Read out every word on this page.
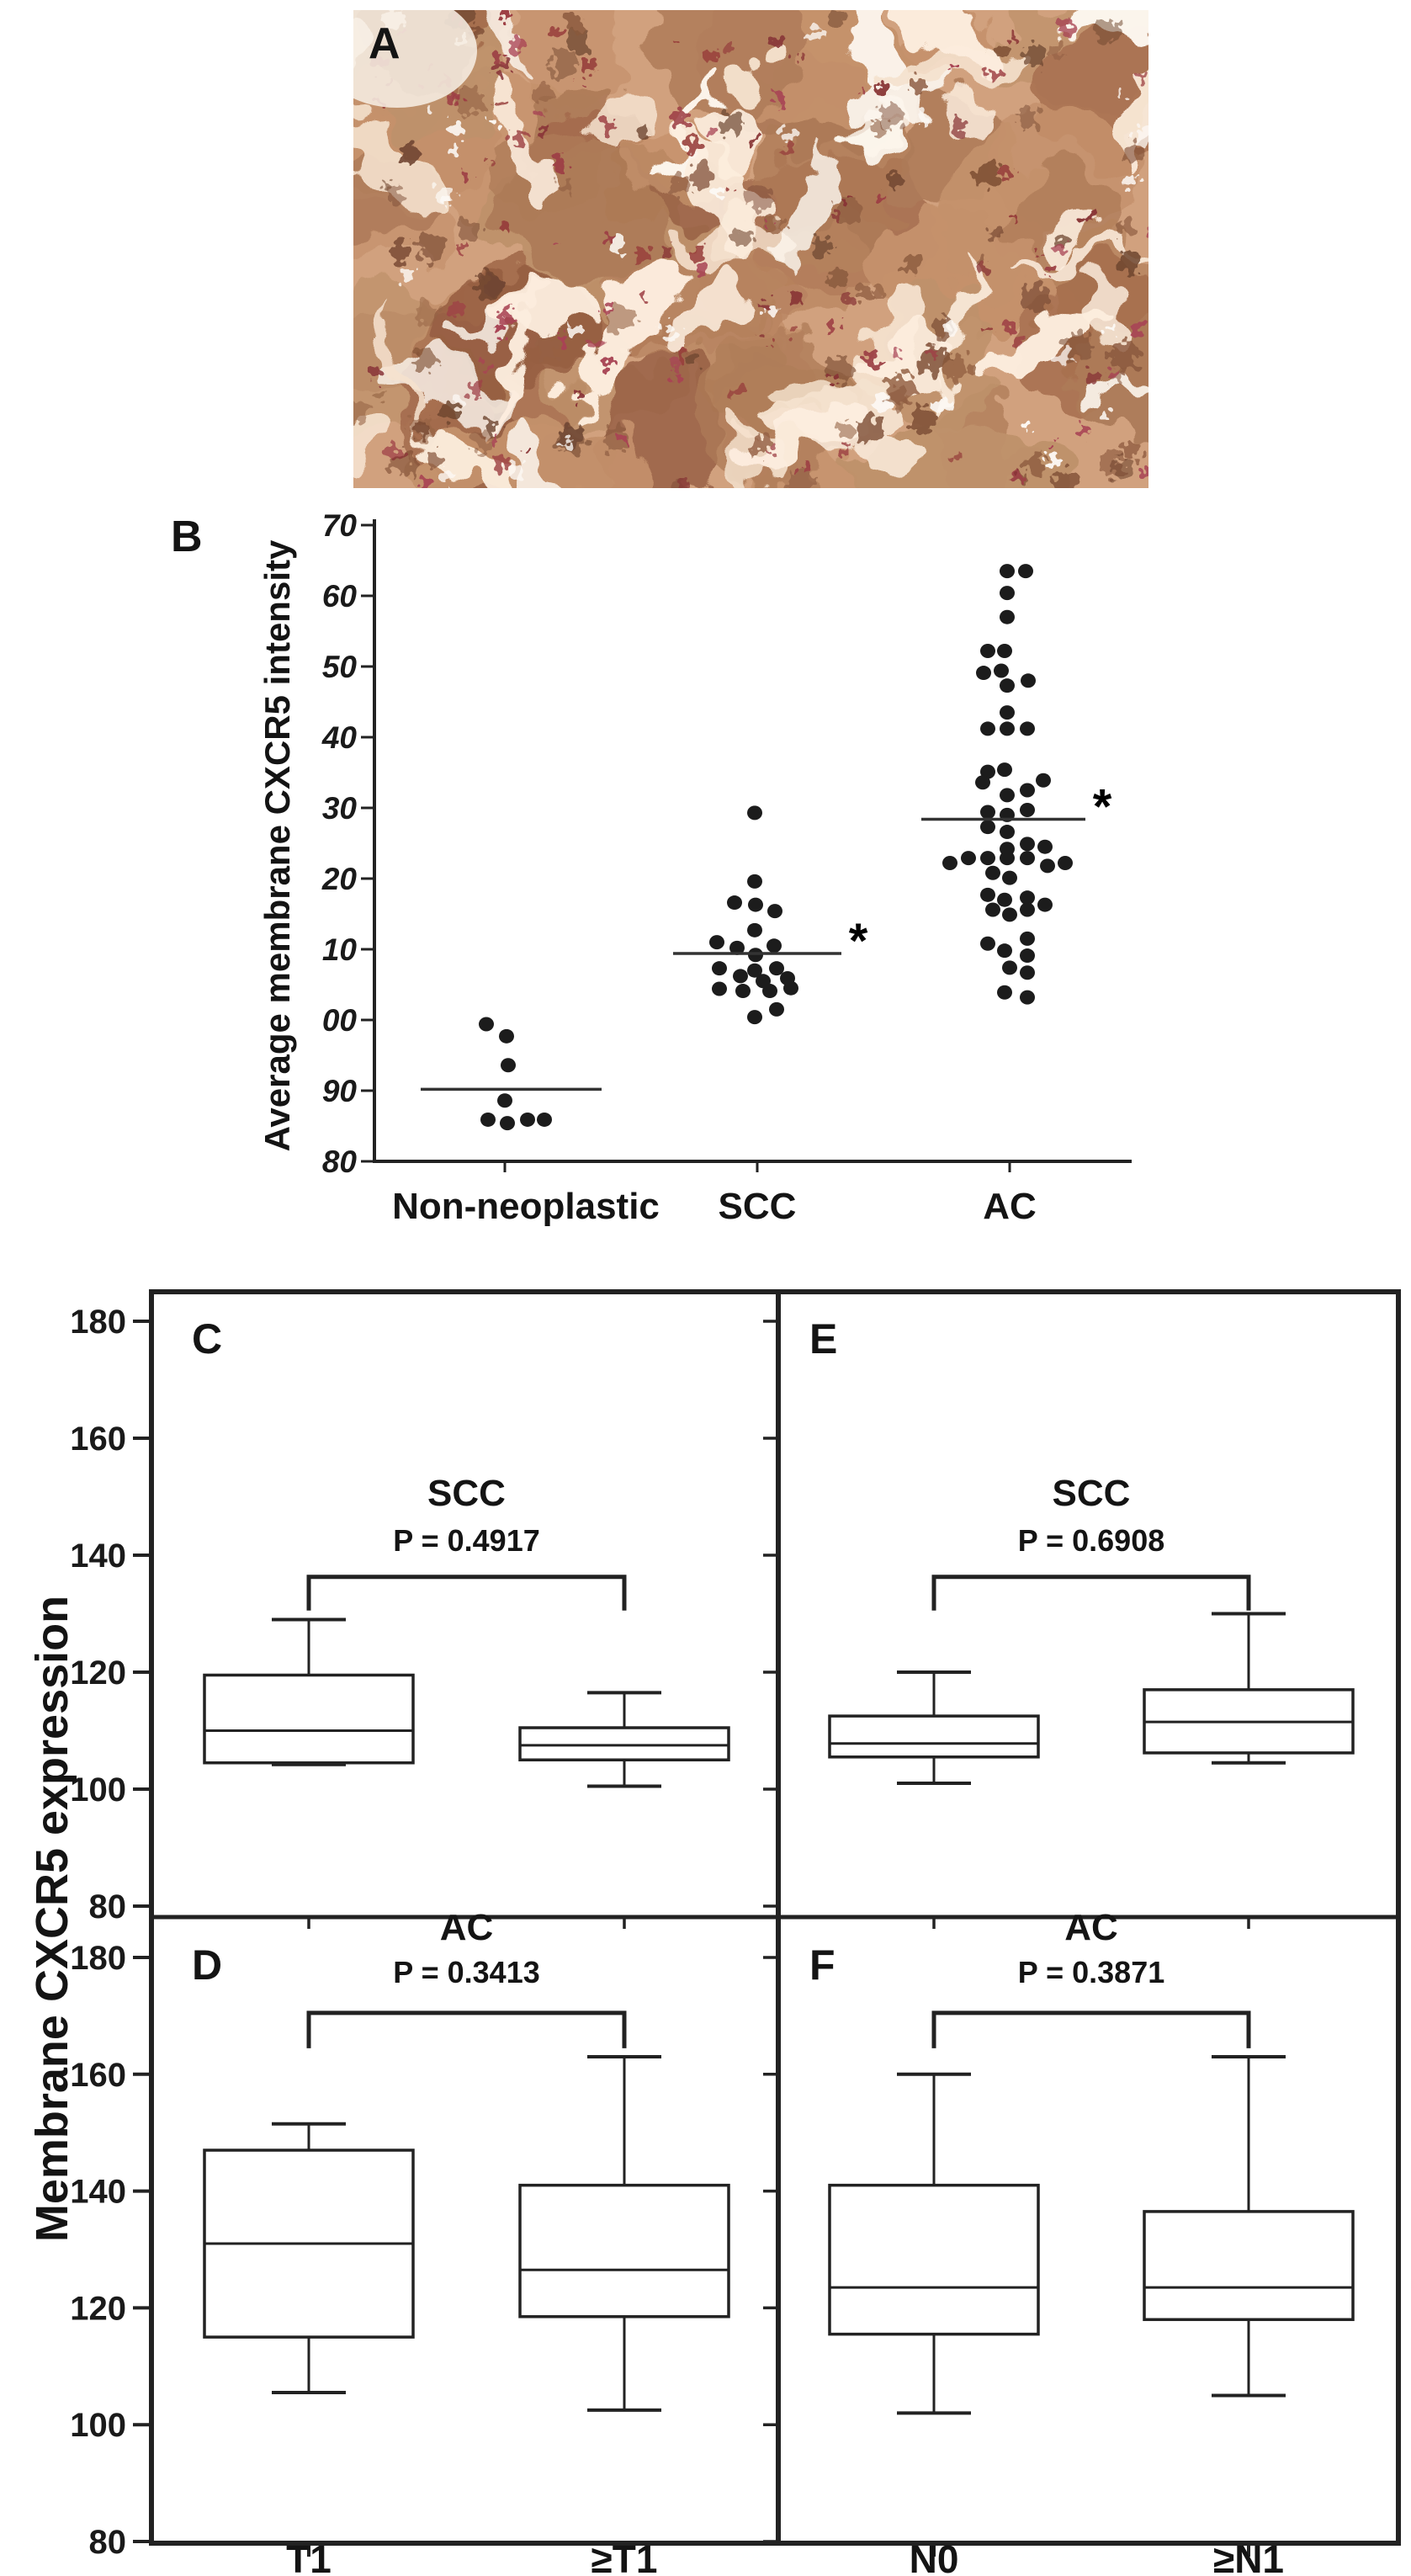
70
60
50
40
30
20
10
00
90
80
Non-neoplastic SCC	AC
*
*
180
160
140
120
100
80
180
160
140
120
100
80
C
SCC
P = 0.4917
E
SCC
P = 0.6908
D
AC
P = 0.3413	F
AC
P = 0.3871
T1	≥T1	N0	≥N1
A
B
Average membrane CXCR5 intensity
Membrane CXCR5 expression
